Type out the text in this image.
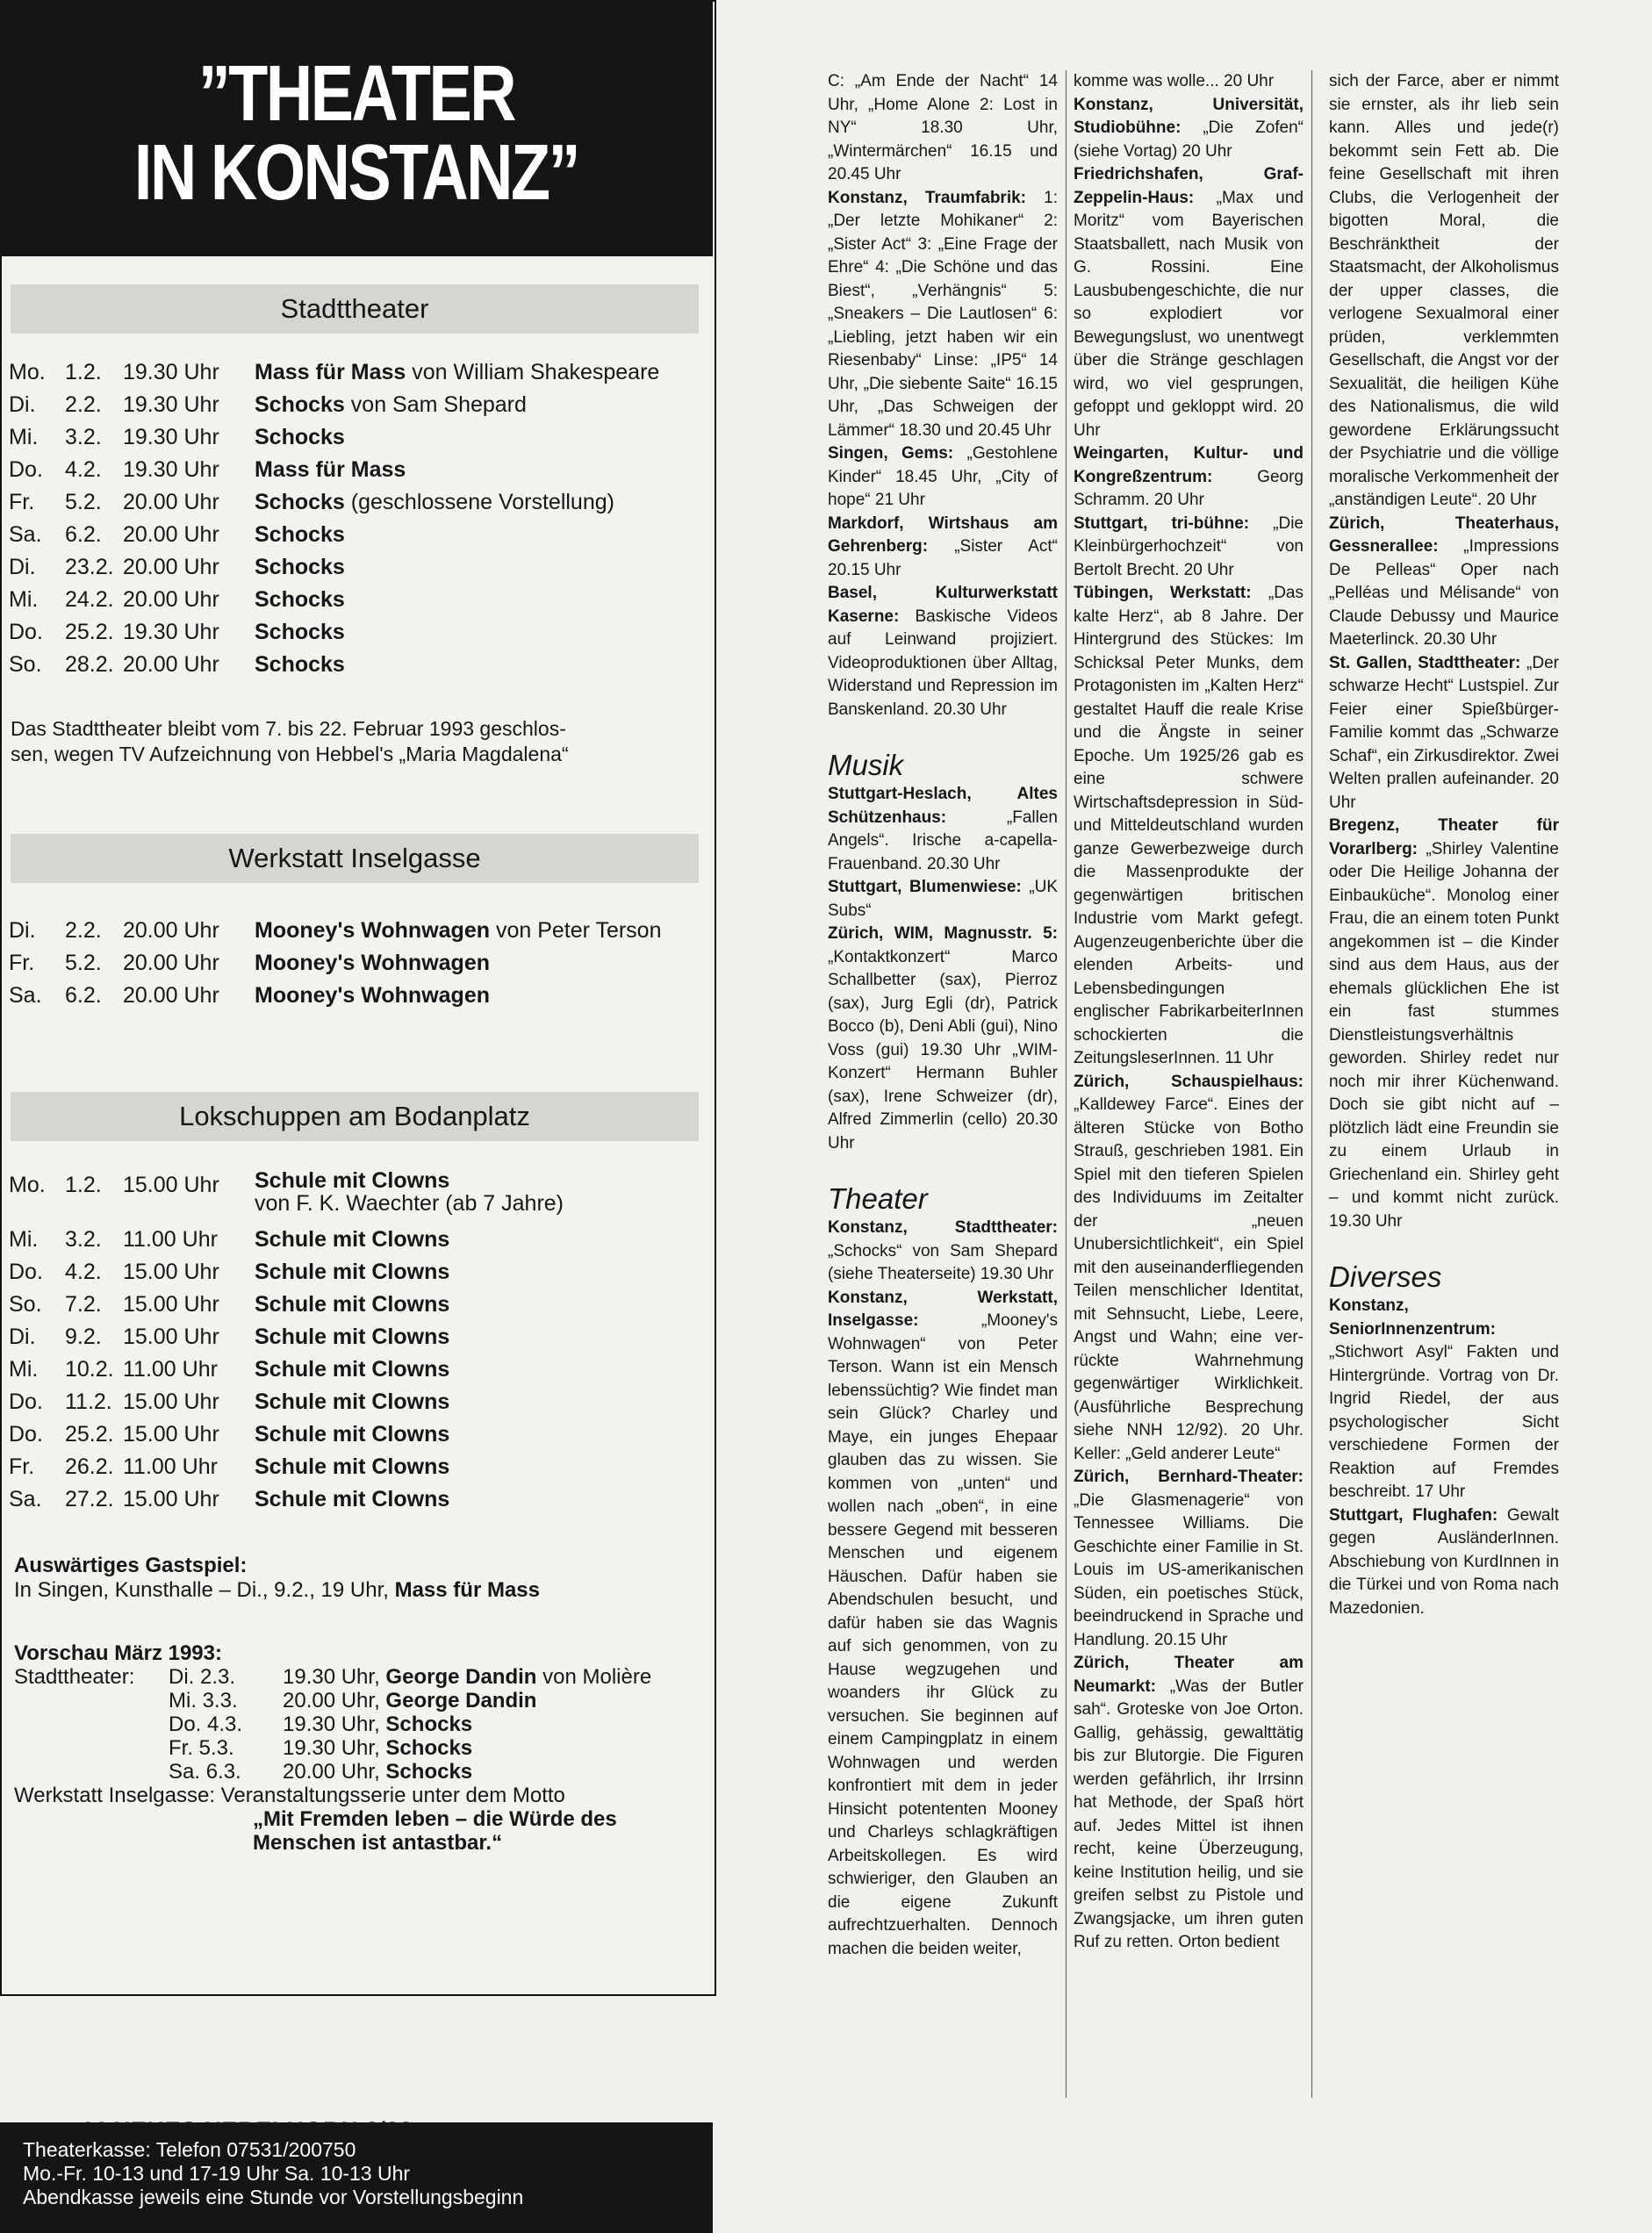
”THEATER
IN KONSTANZ”
Stadttheater
Mo. 1.2. 19.30 Uhr	Mass für Mass von William Shakespeare
Di.	2.2. 19.30 Uhr	Schocks von Sam Shepard
Mi.	3.2. 19.30 Uhr	Schocks
Do.	4.2. 19.30 Uhr	Mass für Mass
Fr.	5.2. 20.00 Uhr	Schocks (geschlossene Vorstellung)
Sa.	6.2. 20.00 Uhr	Schocks
Di.	23.2. 20.00 Uhr	Schocks
Mi.	24.2. 20.00 Uhr	Schocks
Do.	25.2. 19.30 Uhr	Schocks
So.	28.2. 20.00 Uhr	Schocks
Das Stadttheater bleibt vom 7. bis 22. Februar 1993 geschlos-
sen, wegen TV Aufzeichnung von Hebbel's „Maria Magdalena“
Werkstatt Inselgasse
Di.	2.2. 20.00 Uhr	Mooney's Wohnwagen von Peter Terson
Fr.	5.2. 20.00 Uhr	Mooney's Wohnwagen
Sa.	6.2. 20.00 Uhr	Mooney's Wohnwagen
Lokschuppen am Bodanplatz
Mo. 1.2. 15.00 Uhr	Schule mit Clowns
von F. K. Waechter (ab 7 Jahre)
Mi.	3.2. 11.00 Uhr	Schule mit Clowns
Do.	4.2. 15.00 Uhr	Schule mit Clowns
So.	7.2. 15.00 Uhr	Schule mit Clowns
Di.	9.2. 15.00 Uhr	Schule mit Clowns
Mi.	10.2. 11.00 Uhr	Schule mit Clowns
Do.	11.2. 15.00 Uhr	Schule mit Clowns
Do.	25.2. 15.00 Uhr	Schule mit Clowns
Fr.	26.2. 11.00 Uhr	Schule mit Clowns
Sa.	27.2. 15.00 Uhr	Schule mit Clowns
Auswärtiges Gastspiel:
In Singen, Kunsthalle – Di., 9.2., 19 Uhr, Mass für Mass
Vorschau März 1993:
Stadttheater:	Di. 2.3.	19.30 Uhr, George Dandin von Molière
Mi. 3.3.	20.00 Uhr, George Dandin
Do. 4.3.	19.30 Uhr, Schocks
Fr. 5.3.	19.30 Uhr, Schocks
Sa. 6.3.	20.00 Uhr, Schocks
Werkstatt Inselgasse: Veranstaltungsserie unter dem Motto
„Mit Fremden leben – die Würde des
Menschen ist antastbar.“
Theaterkasse: Telefon 07531/200750
Mo.-Fr. 10-13 und 17-19 Uhr Sa. 10-13 Uhr
Abendkasse jeweils eine Stunde vor Vorstellungsbeginn
44 NEUES NEBELHORN 2/93

C: „Am Ende der Nacht“ 14 Uhr, „Home Alone 2: Lost in NY“ 18.30 Uhr, „Wintermärchen“ 16.15 und 20.45 Uhr

Konstanz, Traumfabrik: 1: „Der letzte Mohikaner“ 2: „Sister Act“ 3: „Eine Frage der Ehre“ 4: „Die Schöne und das Biest“, „Verhängnis“ 5: „Sneakers – Die Lautlosen“ 6: „Liebling, jetzt haben wir ein Riesenbaby“ Linse: „IP5“ 14 Uhr, „Die siebente Saite“ 16.15 Uhr, „Das Schweigen der Lämmer“ 18.30 und 20.45 Uhr

Singen, Gems: „Gestohlene Kinder“ 18.45 Uhr, „City of hope“ 21 Uhr

Markdorf, Wirtshaus am Gehrenberg: „Sister Act“ 20.15 Uhr

Basel, Kulturwerkstatt Kaserne: Baskische Videos auf Leinwand projiziert. Videoproduktionen über Alltag, Widerstand und Repression im Banskenland. 20.30 Uhr

Musik

Stuttgart-Heslach, Altes Schützenhaus: „Fallen Angels“. Irische a-capella-Frauenband. 20.30 Uhr

Stuttgart, Blumenwiese: „UK Subs“

Zürich, WIM, Magnusstr. 5: „Kontaktkonzert“ Marco Schallbetter (sax), Pierroz (sax), Jurg Egli (dr), Patrick Bocco (b), Deni Abli (gui), Nino Voss (gui) 19.30 Uhr „WIM-Konzert“ Hermann Buhler (sax), Irene Schweizer (dr), Alfred Zimmerlin (cello) 20.30 Uhr

Theater

Konstanz, Stadttheater: „Schocks“ von Sam Shepard (siehe Theaterseite) 19.30 Uhr

Konstanz, Werkstatt, Inselgasse: „Mooney's Wohnwagen“ von Peter Terson. Wann ist ein Mensch lebenssüchtig? Wie findet man sein Glück? Charley und Maye, ein junges Ehepaar glauben das zu wissen. Sie kommen von „unten“ und wollen nach „oben“, in eine bessere Gegend mit besseren Menschen und eigenem Häuschen. Dafür haben sie Abendschulen besucht, und dafür haben sie das Wagnis auf sich genommen, von zu Hause wegzugehen und woanders ihr Glück zu versuchen. Sie beginnen auf einem Campingplatz in einem Wohnwagen und werden konfrontiert mit dem in jeder Hinsicht potententen Mooney und Charleys schlagkräftigen Arbeitskollegen. Es wird schwieriger, den Glauben an die eigene Zukunft aufrechtzuerhalten. Dennoch machen die beiden weiter,

komme was wolle... 20 Uhr

Konstanz, Universität, Studiobühne: „Die Zofen“ (siehe Vortag) 20 Uhr

Friedrichshafen, Graf-Zeppelin-Haus: „Max und Moritz“ vom Bayerischen Staatsballett, nach Musik von G. Rossini. Eine Lausbubengeschichte, die nur so explodiert vor Bewegungslust, wo unentwegt über die Stränge geschlagen wird, wo viel gesprungen, gefoppt und gekloppt wird. 20 Uhr

Weingarten, Kultur- und Kongreßzentrum: Georg Schramm. 20 Uhr

Stuttgart, tri-bühne: „Die Kleinbürgerhochzeit“ von Bertolt Brecht. 20 Uhr

Tübingen, Werkstatt: „Das kalte Herz“, ab 8 Jahre. Der Hintergrund des Stückes: Im Schicksal Peter Munks, dem Protagonisten im „Kalten Herz“ gestaltet Hauff die reale Krise und die Ängste in seiner Epoche. Um 1925/26 gab es eine schwere Wirtschaftsdepression in Süd- und Mitteldeutschland wurden ganze Gewerbezweige durch die Massenprodukte der gegenwärtigen britischen Industrie vom Markt gefegt. Augenzeugenberichte über die elenden Arbeits- und Lebensbedingungen englischer FabrikarbeiterInnen schockierten die ZeitungsleserInnen. 11 Uhr

Zürich, Schauspielhaus: „Kalldewey Farce“. Eines der älteren Stücke von Botho Strauß, geschrieben 1981. Ein Spiel mit den tieferen Spielen des Individuums im Zeitalter der „neuen Unubersichtlichkeit“, ein Spiel mit den auseinanderfliegenden Teilen menschlicher Identitat, mit Sehnsucht, Liebe, Leere, Angst und Wahn; eine ver-rückte Wahrnehmung gegenwärtiger Wirklichkeit. (Ausführliche Besprechung siehe NNH 12/92). 20 Uhr. Keller: „Geld anderer Leute“

Zürich, Bernhard-Theater: „Die Glasmenagerie“ von Tennessee Williams. Die Geschichte einer Familie in St. Louis im US-amerikanischen Süden, ein poetisches Stück, beeindruckend in Sprache und Handlung. 20.15 Uhr

Zürich, Theater am Neumarkt: „Was der Butler sah“. Groteske von Joe Orton. Gallig, gehässig, gewalttätig bis zur Blutorgie. Die Figuren werden gefährlich, ihr Irrsinn hat Methode, der Spaß hört auf. Jedes Mittel ist ihnen recht, keine Überzeugung, keine Institution heilig, und sie greifen selbst zu Pistole und Zwangsjacke, um ihren guten Ruf zu retten. Orton bedient

sich der Farce, aber er nimmt sie ernster, als ihr lieb sein kann. Alles und jede(r) bekommt sein Fett ab. Die feine Gesellschaft mit ihren Clubs, die Verlogenheit der bigotten Moral, die Beschränktheit der Staatsmacht, der Alkoholismus der upper classes, die verlogene Sexualmoral einer prüden, verklemmten Gesellschaft, die Angst vor der Sexualität, die heiligen Kühe des Nationalismus, die wild gewordene Erklärungssucht der Psychiatrie und die völlige moralische Verkommenheit der „anständigen Leute“. 20 Uhr

Zürich, Theaterhaus, Gessnerallee: „Impressions De Pelleas“ Oper nach „Pelléas und Mélisande“ von Claude Debussy und Maurice Maeterlinck. 20.30 Uhr

St. Gallen, Stadttheater: „Der schwarze Hecht“ Lustspiel. Zur Feier einer Spießbürger-Familie kommt das „Schwarze Schaf“, ein Zirkusdirektor. Zwei Welten prallen aufeinander. 20 Uhr

Bregenz, Theater für Vorarlberg: „Shirley Valentine oder Die Heilige Johanna der Einbauküche“. Monolog einer Frau, die an einem toten Punkt angekommen ist – die Kinder sind aus dem Haus, aus der ehemals glücklichen Ehe ist ein fast stummes Dienstleistungsverhältnis geworden. Shirley redet nur noch mir ihrer Küchenwand. Doch sie gibt nicht auf – plötzlich lädt eine Freundin sie zu einem Urlaub in Griechenland ein. Shirley geht – und kommt nicht zurück. 19.30 Uhr

Diverses

Konstanz, SeniorInnenzentrum: „Stichwort Asyl“ Fakten und Hintergründe. Vortrag von Dr. Ingrid Riedel, der aus psychologischer Sicht verschiedene Formen der Reaktion auf Fremdes beschreibt. 17 Uhr

Stuttgart, Flughafen: Gewalt gegen AusländerInnen. Abschiebung von KurdInnen in die Türkei und von Roma nach Mazedonien.
